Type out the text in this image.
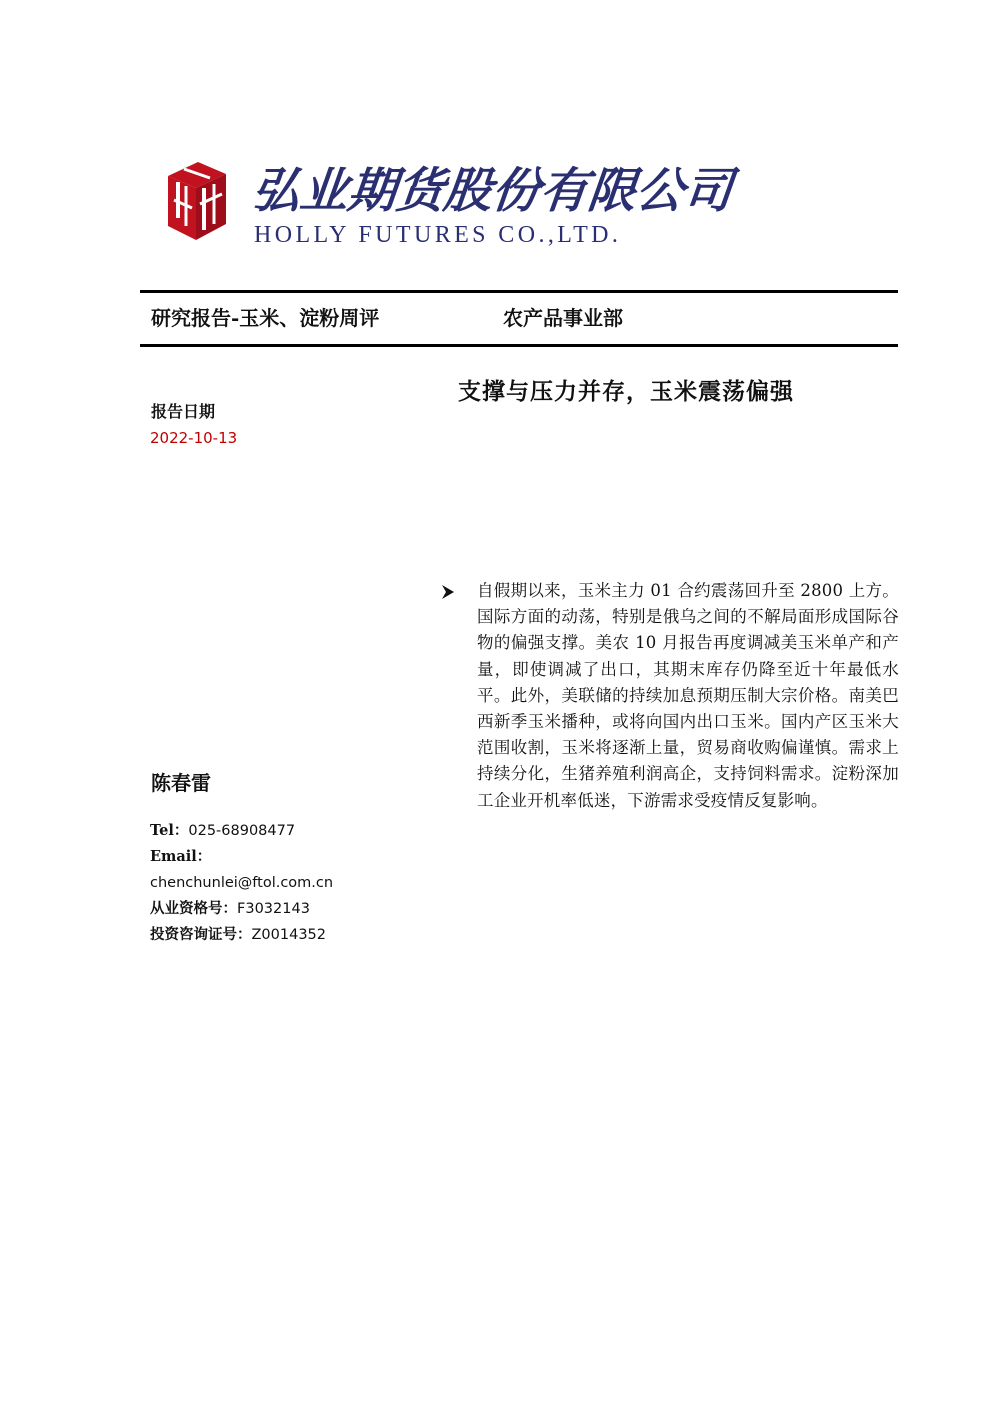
弘业期货股份有限公司
HOLLY FUTURES CO.,LTD.
研究报告-玉米、淀粉周评	农产品事业部
支撑与压力并存，玉米震荡偏强
报告日期
2022-10-13
陈春雷
Tel：025-68908477
Email：
chenchunlei@ftol.com.cn
从业资格号：F3032143
投资咨询证号：Z0014352
自假期以来，玉米主力 01 合约震荡回升至 2800 上方。国际方面的动荡，特别是俄乌之间的不解局面形成国际谷物的偏强支撑。美农 10 月报告再度调减美玉米单产和产量，即使调减了出口，其期末库存仍降至近十年最低水平。此外，美联储的持续加息预期压制大宗价格。南美巴西新季玉米播种，或将向国内出口玉米。国内产区玉米大范围收割，玉米将逐渐上量，贸易商收购偏谨慎。需求上持续分化，生猪养殖利润高企，支持饲料需求。淀粉深加工企业开机率低迷，下游需求受疫情反复影响。
